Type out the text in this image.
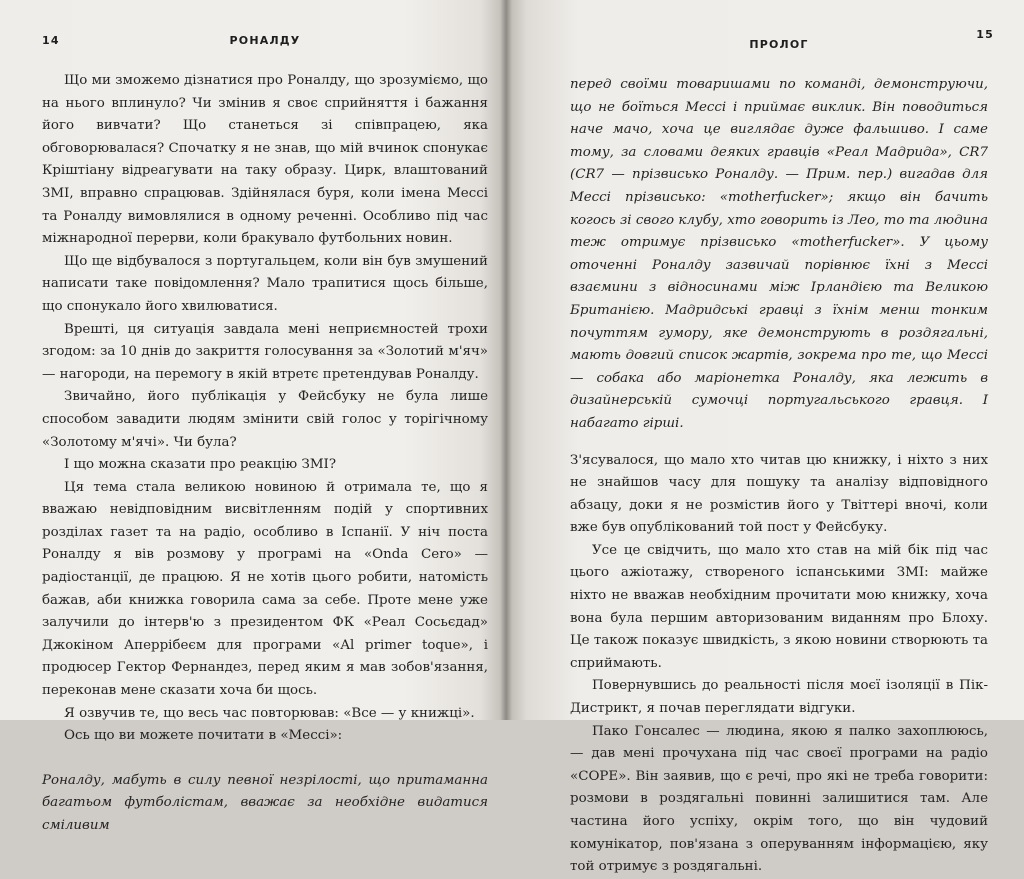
14	РОНАЛДУ

Що ми зможемо дізнатися про Роналду, що зрозуміємо, що на нього вплинуло? Чи змінив я своє сприйняття і бажання його вивчати? Що станеться зі співпрацею, яка обговорювалася? Спочатку я не знав, що мій вчинок спонукає Кріштіану відреагувати на таку образу. Цирк, влаштований ЗМІ, вправно спрацював. Здійнялася буря, коли імена Мессі та Роналду вимовлялися в одному реченні. Особливо під час міжнародної перерви, коли бракувало футбольних новин.

Що ще відбувалося з португальцем, коли він був змушений написати таке повідомлення? Мало трапитися щось більше, що спонукало його хвилюватися.

Врешті, ця ситуація завдала мені неприємностей трохи згодом: за 10 днів до закриття голосування за «Золотий м'яч» — нагороди, на перемогу в якій втретє претендував Роналду.

Звичайно, його публікація у Фейсбуку не була лише способом завадити людям змінити свій голос у торігічному «Золотому м'ячі». Чи була?

І що можна сказати про реакцію ЗМІ?

Ця тема стала великою новиною й отримала те, що я вважаю невідповідним висвітленням подій у спортивних розділах газет та на радіо, особливо в Іспанії. У ніч поста Роналду я вів розмову у програмі на «Onda Cero» — радіостанції, де працюю. Я не хотів цього робити, натомість бажав, аби книжка говорила сама за себе. Проте мене уже залучили до інтерв'ю з президентом ФК «Реал Сосьєдад» Джокіном Аперрібеєм для програми «Al primer toque», і продюсер Гектор Фернандез, перед яким я мав зобов'язання, переконав мене сказати хоча би щось.

Я озвучив те, що весь час повторював: «Все — у книжці».

Ось що ви можете почитати в «Мессі»:

Роналду, мабуть в силу певної незрілості, що притаманна багатьом футболістам, вважає за необхідне видатися сміливим

ПРОЛОГ
15

перед своїми товаришами по команді, демонструючи, що не боїться Мессі і приймає виклик. Він поводиться наче мачо, хоча це виглядає дуже фальшиво. І саме тому, за словами деяких гравців «Реал Мадрида», CR7 (CR7 — прізвисько Роналду. — Прим. пер.) вигадав для Мессі прізвисько: «motherfucker»; якщо він бачить когось зі свого клубу, хто говорить із Лео, то та людина теж отримує прізвисько «motherfucker». У цьому оточенні Роналду зазвичай порівнює їхні з Мессі взаємини з відносинами між Ірландією та Великою Британією. Мадридські гравці з їхнім менш тонким почуттям гумору, яке демонструють в роздягальні, мають довгий список жартів, зокрема про те, що Мессі — собака або маріонетка Роналду, яка лежить в дизайнерській сумочці португальського гравця. І набагато гірші.

З'ясувалося, що мало хто читав цю книжку, і ніхто з них не знайшов часу для пошуку та аналізу відповідного абзацу, доки я не розмістив його у Твіттері вночі, коли вже був опублікований той пост у Фейсбуку.

Усе це свідчить, що мало хто став на мій бік під час цього ажіотажу, створеного іспанськими ЗМІ: майже ніхто не вважав необхідним прочитати мою книжку, хоча вона була першим авторизованим виданням про Блоху. Це також показує швидкість, з якою новини створюють та сприймають.

Повернувшись до реальності після моєї ізоляції в Пік-Дистрикт, я почав переглядати відгуки.

Пако Гонсалес — людина, якою я палко захоплююсь, — дав мені прочухана під час своєї програми на радіо «COPE». Він заявив, що є речі, про які не треба говорити: розмови в роздягальні повинні залишитися там. Але частина його успіху, окрім того, що він чудовий комунікатор, пов'язана з оперуванням інформацією, яку той отримує з роздягальні.
